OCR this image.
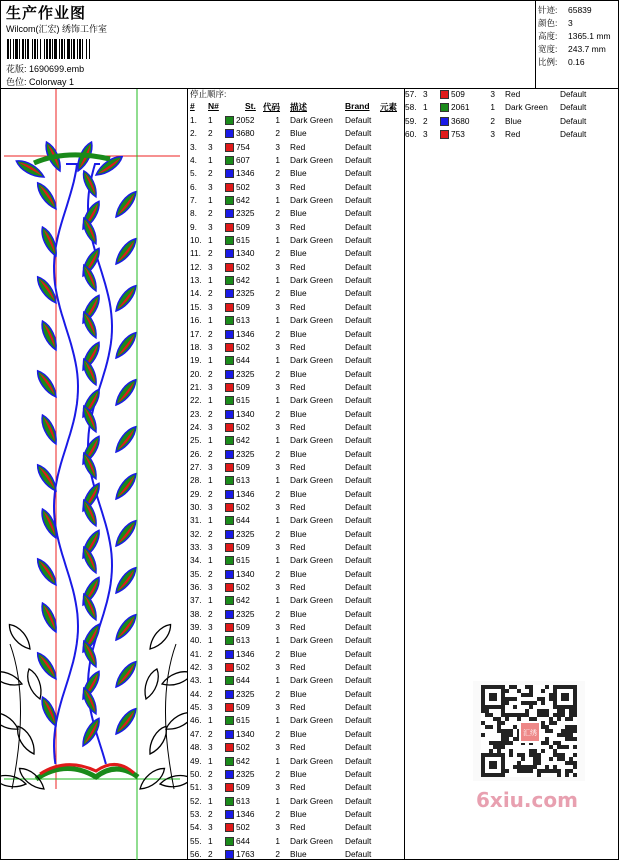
生产作业图
Wilcom(汇宏) 绣饰工作室
花版: 1690699.emb
色位: Colorway 1
针迹:	65839
颜色:	3
高度:	1365.1 mm
宽度:	243.7 mm
比例:	0.16
停止顺序:
# N#	St. 代码 描述	Brand 元素
1. 1	2052	1 Dark Green Default
2. 2	3680	2 Blue	Default
3. 3	754	3 Red	Default
4. 1	607	1 Dark Green Default
5. 2	1346	2 Blue	Default
6. 3	502	3 Red	Default
7. 1	642	1 Dark Green Default
8. 2	2325	2 Blue	Default
9. 3	509	3 Red	Default
10. 1	615	1 Dark Green Default
11. 2	1340	2 Blue	Default
12. 3	502	3 Red	Default
13. 1	642	1 Dark Green Default
14. 2	2325	2 Blue	Default
15. 3	509	3 Red	Default
16. 1	613	1 Dark Green Default
17. 2	1346	2 Blue	Default
18. 3	502	3 Red	Default
19. 1	644	1 Dark Green Default
20. 2	2325	2 Blue	Default
21. 3	509	3 Red	Default
22. 1	615	1 Dark Green Default
23. 2	1340	2 Blue	Default
24. 3	502	3 Red	Default
25. 1	642	1 Dark Green Default
26. 2	2325	2 Blue	Default
27. 3	509	3 Red	Default
28. 1	613	1 Dark Green Default
29. 2	1346	2 Blue	Default
30. 3	502	3 Red	Default
31. 1	644	1 Dark Green Default
32. 2	2325	2 Blue	Default
33. 3	509	3 Red	Default
34. 1	615	1 Dark Green Default
35. 2	1340	2 Blue	Default
36. 3	502	3 Red	Default
37. 1	642	1 Dark Green Default
38. 2	2325	2 Blue	Default
39. 3	509	3 Red	Default
40. 1	613	1 Dark Green Default
41. 2	1346	2 Blue	Default
42. 3	502	3 Red	Default
43. 1	644	1 Dark Green Default
44. 2	2325	2 Blue	Default
45. 3	509	3 Red	Default
46. 1	615	1 Dark Green Default
47. 2	1340	2 Blue	Default
48. 3	502	3 Red	Default
49. 1	642	1 Dark Green Default
50. 2	2325	2 Blue	Default
51. 3	509	3 Red	Default
52. 1	613	1 Dark Green Default
53. 2	1346	2 Blue	Default
54. 3	502	3 Red	Default
55. 1	644	1 Dark Green Default
56. 2	1763	2 Blue	Default
57. 3	509	3 Red	Default
58. 1	2061	1 Dark Green Default
59. 2	3680	2 Blue	Default
60. 3	753	3 Red	Default
汇绣
6xiu.com
